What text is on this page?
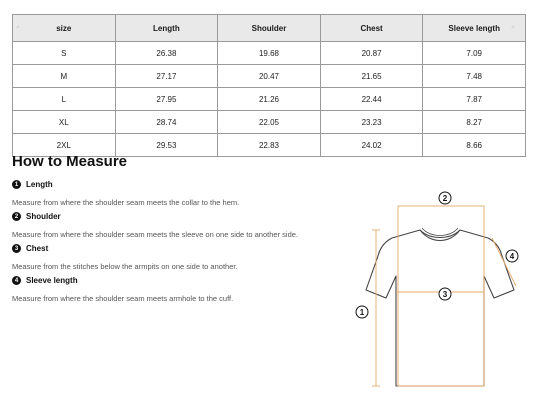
size	Length	Shoulder	Chest	Sleeve length
S	26.38	19.68	20.87	7.09
M	27.17	20.47	21.65	7.48
L	27.95	21.26	22.44	7.87
XL	28.74	22.05	23.23	8.27
2XL	29.53	22.83	24.02	8.66
⌟	⌟
How to Measure
1 Length
Measure from where the shoulder seam meets the collar to the hem.
2 Shoulder
Measure from where the shoulder seam meets the sleeve on one side to another side.
3 Chest
Measure from the stitches below the armpits on one side to another.
4 Sleeve length
Measure from where the shoulder seam meets armhole to the cuff.
2
4
3
1
